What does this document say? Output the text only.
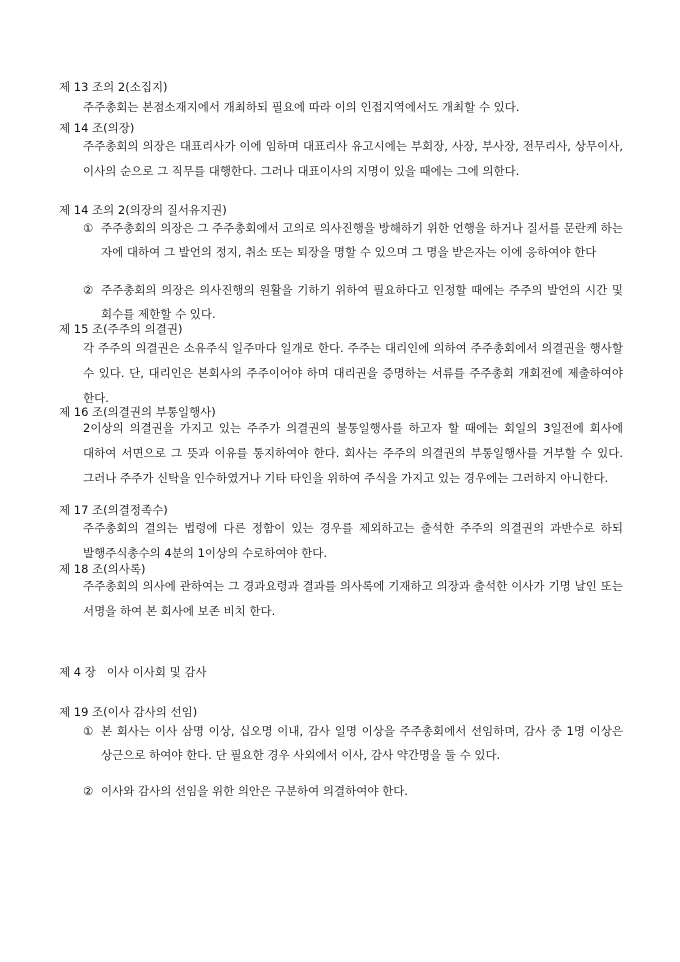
제 13 조의 2(소집지)
주주총회는 본점소재지에서 개최하되 필요에 따라 이의 인접지역에서도 개최할 수 있다.
제 14 조(의장)
주주총회의 의장은 대표리사가 이에 임하며 대표리사 유고시에는 부회장, 사장, 부사장, 전무리사, 상무이사, 이사의 순으로 그 직무를 대행한다. 그러나 대표이사의 지명이 있을 때에는 그에 의한다.
제 14 조의 2(의장의 질서유지권)
① 주주총회의 의장은 그 주주총회에서 고의로 의사진행을 방해하기 위한 언행을 하거나 질서를 문란케 하는 자에 대하여 그 발언의 정지, 취소 또는 퇴장을 명할 수 있으며 그 명을 받은자는 이에 응하여야 한다
② 주주총회의 의장은 의사진행의 원활을 기하기 위하여 필요하다고 인정할 때에는 주주의 발언의 시간 및 회수를 제한할 수 있다.
제 15 조(주주의 의결권)
각 주주의 의결권은 소유주식 일주마다 일개로 한다. 주주는 대리인에 의하여 주주총회에서 의결권을 행사할 수 있다. 단, 대리인은 본회사의 주주이어야 하며 대리권을 증명하는 서류를 주주총회 개회전에 제출하여야 한다.
제 16 조(의결권의 부통일행사)
2이상의 의결권을 가지고 있는 주주가 의결권의 불통일행사를 하고자 할 때에는 회일의 3일전에 회사에 대하여 서면으로 그 뜻과 이유를 통지하여야 한다. 회사는 주주의 의결권의 부통일행사를 거부할 수 있다. 그러나 주주가 신탁을 인수하였거나 기타 타인을 위하여 주식을 가지고 있는 경우에는 그러하지 아니한다.
제 17 조(의결정족수)
주주총회의 결의는 법령에 다른 정함이 있는 경우를 제외하고는 출석한 주주의 의결권의 과반수로 하되 발행주식총수의 4분의 1이상의 수로하여야 한다.
제 18 조(의사록)
주주총회의 의사에 관하여는 그 경과요령과 결과를 의사록에 기재하고 의장과 출석한 이사가 기명 날인 또는 서명을 하여 본 회사에 보존 비치 한다.
제 4 장   이사 이사회 및 감사
제 19 조(이사 감사의 선임)
① 본 회사는 이사 삼명 이상, 십오명 이내, 감사 일명 이상을 주주총회에서 선임하며, 감사 중 1명 이상은 상근으로 하여야 한다. 단 필요한 경우 사외에서 이사, 감사 약간명을 둘 수 있다.
② 이사와 감사의 선임을 위한 의안은 구분하여 의결하여야 한다.
